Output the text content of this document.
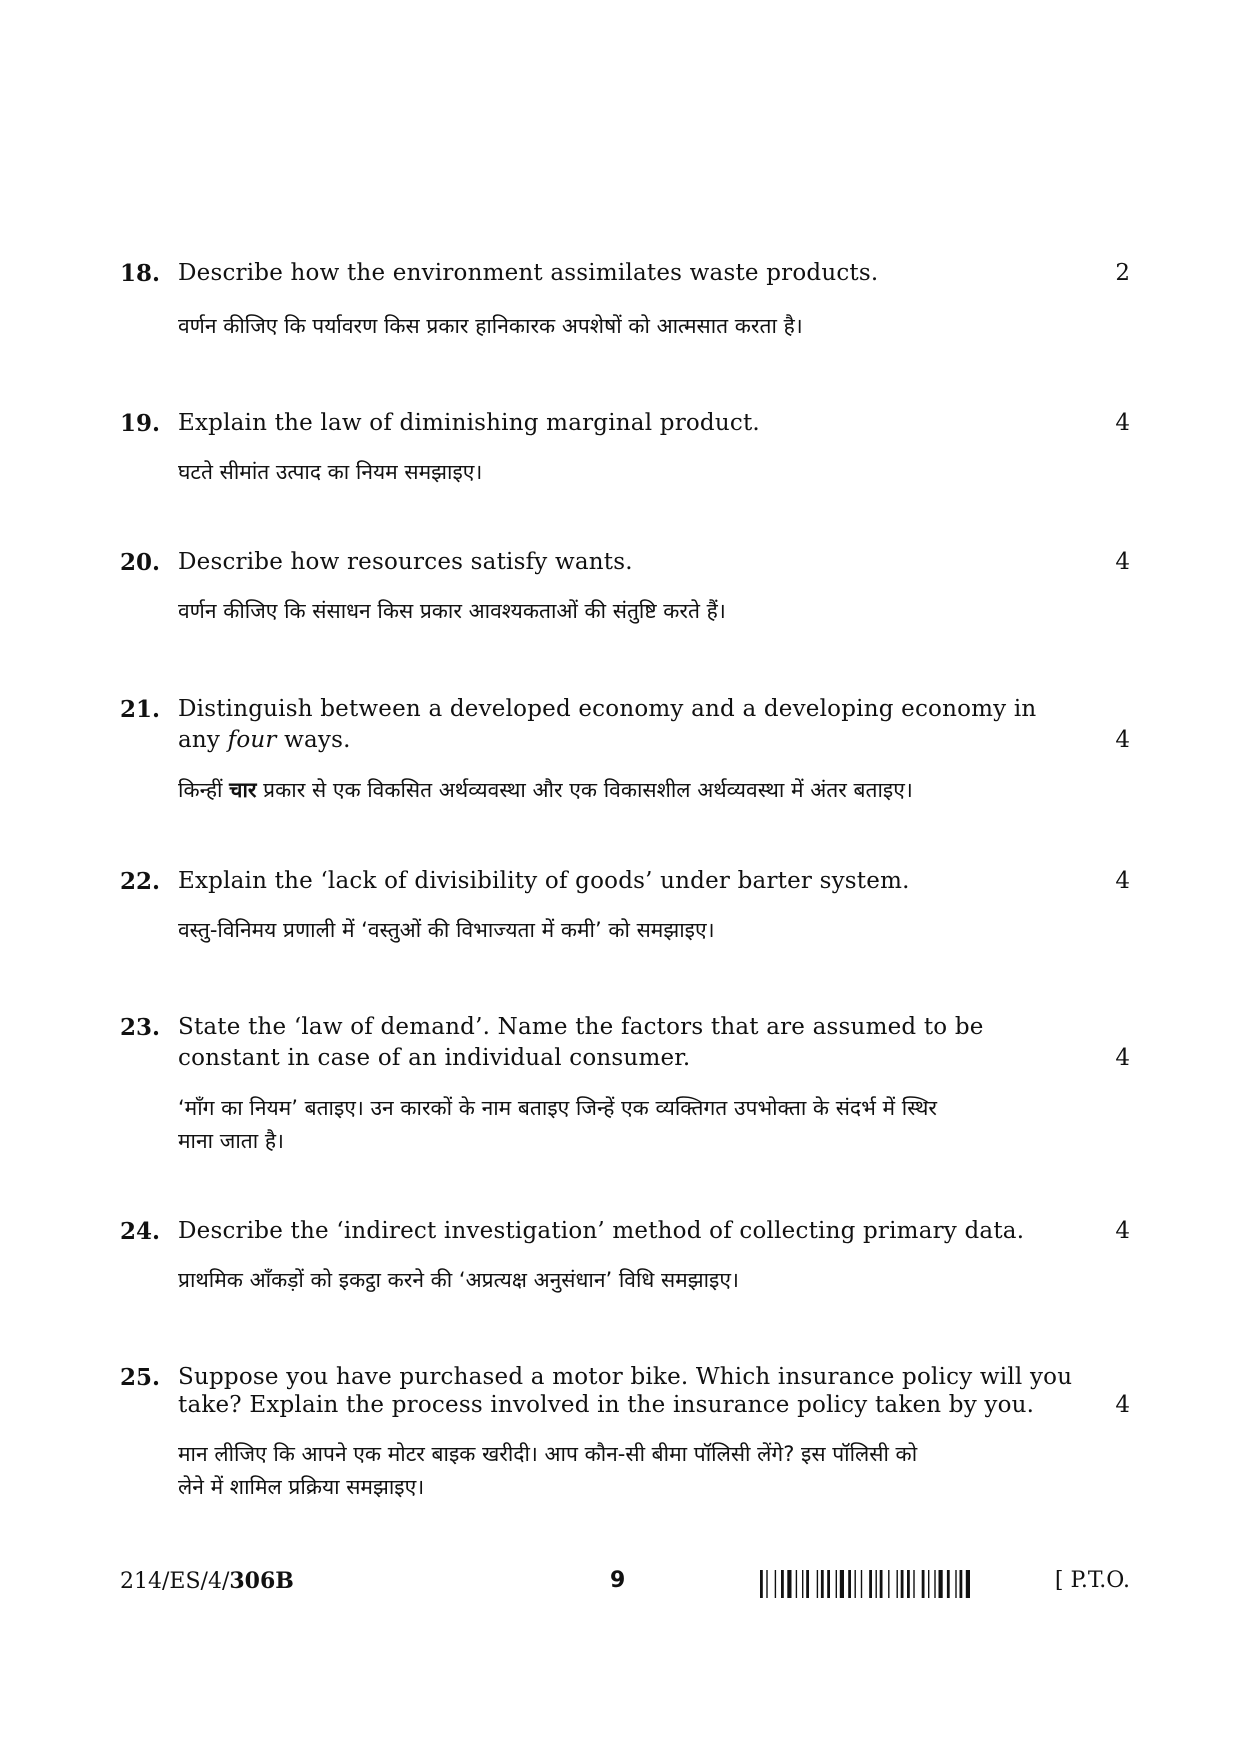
18. Describe how the environment assimilates waste products.	2
वर्णन कीजिए कि पर्यावरण किस प्रकार हानिकारक अपशेषों को आत्मसात करता है।
19. Explain the law of diminishing marginal product.	4
घटते सीमांत उत्पाद का नियम समझाइए।
20. Describe how resources satisfy wants.	4
वर्णन कीजिए कि संसाधन किस प्रकार आवश्यकताओं की संतुष्टि करते हैं।
21. Distinguish between a developed economy and a developing economy in
any four ways.	4
किन्हीं चार प्रकार से एक विकसित अर्थव्यवस्था और एक विकासशील अर्थव्यवस्था में अंतर बताइए।
22. Explain the ‘lack of divisibility of goods’ under barter system.	4
वस्तु-विनिमय प्रणाली में ‘वस्तुओं की विभाज्यता में कमी’ को समझाइए।
23. State the ‘law of demand’. Name the factors that are assumed to be
constant in case of an individual consumer.	4
‘माँग का नियम’ बताइए। उन कारकों के नाम बताइए जिन्हें एक व्यक्तिगत उपभोक्ता के संदर्भ में स्थिर
माना जाता है।
24. Describe the ‘indirect investigation’ method of collecting primary data.	4
प्राथमिक आँकड़ों को इकट्ठा करने की ‘अप्रत्यक्ष अनुसंधान’ विधि समझाइए।
25. Suppose you have purchased a motor bike. Which insurance policy will you
take? Explain the process involved in the insurance policy taken by you.	4
मान लीजिए कि आपने एक मोटर बाइक खरीदी। आप कौन-सी बीमा पॉलिसी लेंगे? इस पॉलिसी को
लेने में शामिल प्रक्रिया समझाइए।
214/ES/4/306B	9	[ P.T.O.
